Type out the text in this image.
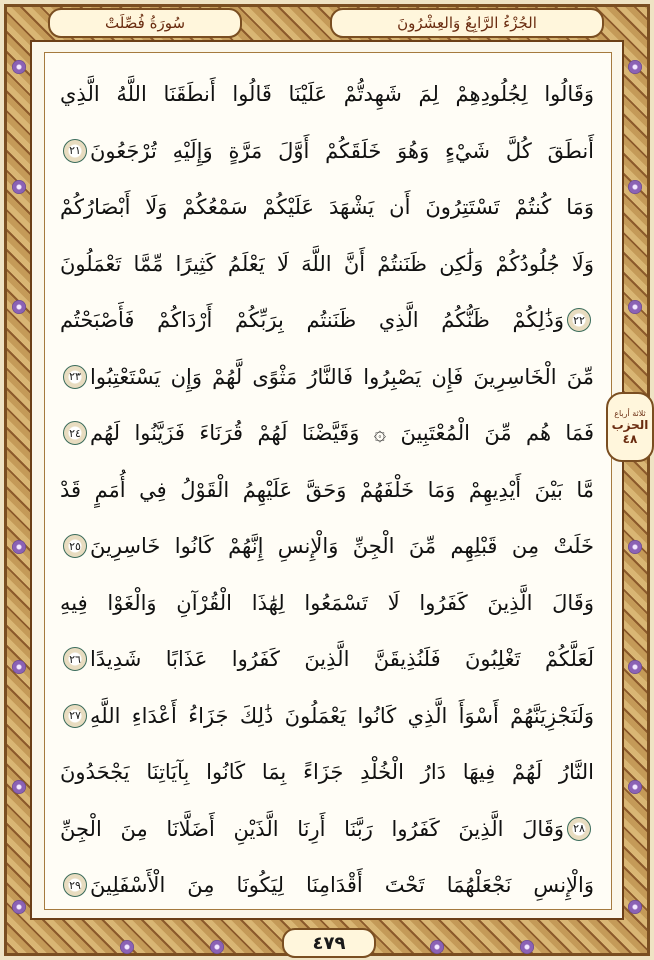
الجُزْءُ الرَّابِعُ وَالعِشْرُونَ
سُورَةُ فُصِّلَتْ
ثلاثة أرباع
الحزب
٤٨
وَقَالُوا لِجُلُودِهِمْ لِمَ شَهِدتُّمْ عَلَيْنَا قَالُوا أَنطَقَنَا اللَّهُ الَّذِي
أَنطَقَ كُلَّ شَيْءٍ وَهُوَ خَلَقَكُمْ أَوَّلَ مَرَّةٍ وَإِلَيْهِ تُرْجَعُونَ
٢١
وَمَا كُنتُمْ تَسْتَتِرُونَ أَن يَشْهَدَ عَلَيْكُمْ سَمْعُكُمْ وَلَا أَبْصَارُكُمْ
وَلَا جُلُودُكُمْ وَلَٰكِن ظَنَنتُمْ أَنَّ اللَّهَ لَا يَعْلَمُ كَثِيرًا مِّمَّا تَعْمَلُونَ
٢٢
وَذَٰلِكُمْ ظَنُّكُمُ الَّذِي ظَنَنتُم بِرَبِّكُمْ أَرْدَاكُمْ فَأَصْبَحْتُم
مِّنَ الْخَاسِرِينَ فَإِن يَصْبِرُوا فَالنَّارُ مَثْوًى لَّهُمْ وَإِن يَسْتَعْتِبُوا
٢٣
فَمَا هُم مِّنَ الْمُعْتَبِينَ ۞ وَقَيَّضْنَا لَهُمْ قُرَنَاءَ فَزَيَّنُوا لَهُم
٢٤
مَّا بَيْنَ أَيْدِيهِمْ وَمَا خَلْفَهُمْ وَحَقَّ عَلَيْهِمُ الْقَوْلُ فِي أُمَمٍ قَدْ
خَلَتْ مِن قَبْلِهِم مِّنَ الْجِنِّ وَالْإِنسِ إِنَّهُمْ كَانُوا خَاسِرِينَ
٢٥
وَقَالَ الَّذِينَ كَفَرُوا لَا تَسْمَعُوا لِهَٰذَا الْقُرْآنِ وَالْغَوْا فِيهِ
لَعَلَّكُمْ تَغْلِبُونَ فَلَنُذِيقَنَّ الَّذِينَ كَفَرُوا عَذَابًا شَدِيدًا
٢٦
وَلَنَجْزِيَنَّهُمْ أَسْوَأَ الَّذِي كَانُوا يَعْمَلُونَ ذَٰلِكَ جَزَاءُ أَعْدَاءِ اللَّهِ
٢٧
النَّارُ لَهُمْ فِيهَا دَارُ الْخُلْدِ جَزَاءً بِمَا كَانُوا بِآيَاتِنَا يَجْحَدُونَ
٢٨
وَقَالَ الَّذِينَ كَفَرُوا رَبَّنَا أَرِنَا الَّذَيْنِ أَضَلَّانَا مِنَ الْجِنِّ
وَالْإِنسِ نَجْعَلْهُمَا تَحْتَ أَقْدَامِنَا لِيَكُونَا مِنَ الْأَسْفَلِينَ
٢٩
٤٧٩
